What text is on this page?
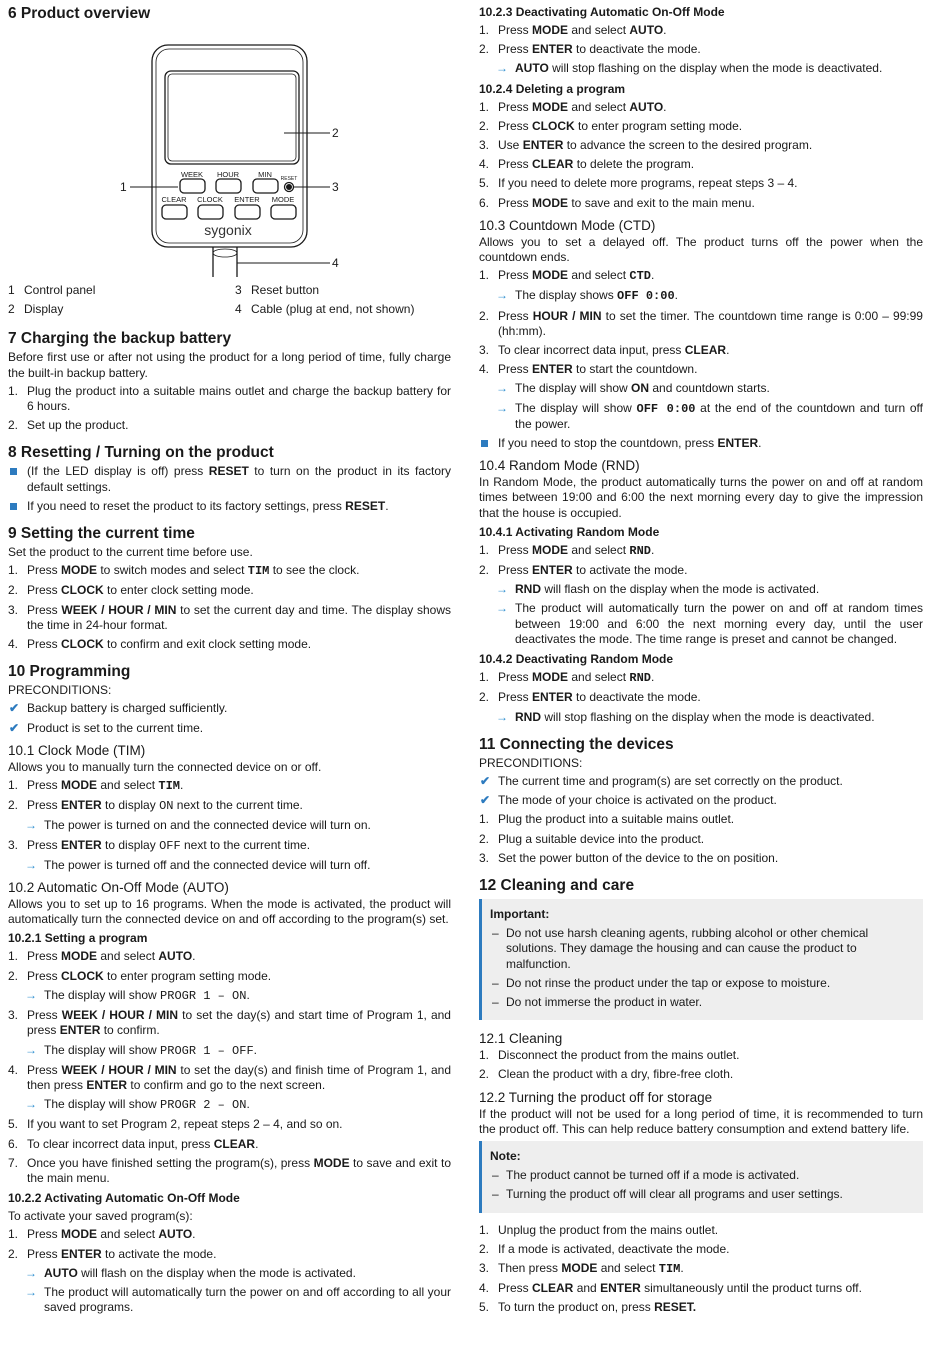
6 Product overview
WEEK HOUR	MIN RESET
CLEAR CLOCK ENTER MODE
sygonix
1
2
3
4
1 Control panel	3 Reset button
2 Display	4 Cable (plug at end, not shown)
7 Charging the backup battery

Before first use or after not using the product for a long period of time, fully charge the built-in backup battery.

1. Plug the product into a suitable mains outlet and charge the backup battery for 6 hours.
2. Set up the product.
8 Resetting / Turning on the product
(If the LED display is off) press RESET to turn on the product in its factory default settings.
If you need to reset the product to its factory settings, press RESET.
9 Setting the current time

Set the product to the current time before use.

1. Press MODE to switch modes and select TIM to see the clock.
2. Press CLOCK to enter clock setting mode.
3. Press WEEK / HOUR / MIN to set the current day and time. The display shows the time in 24-hour format.
4. Press CLOCK to confirm and exit clock setting mode.
10 Programming
PRECONDITIONS:
✔ Backup battery is charged sufficiently.
✔ Product is set to the current time.
10.1 Clock Mode (TIM)

Allows you to manually turn the connected device on or off.

1. Press MODE and select TIM.
2. Press ENTER to display ON next to the current time.
→ The power is turned on and the connected device will turn on.
3. Press ENTER to display OFF next to the current time.
→ The power is turned off and the connected device will turn off.
10.2 Automatic On-Off Mode (AUTO)

Allows you to set up to 16 programs. When the mode is activated, the product will automatically turn the connected device on and off according to the program(s) set.

10.2.1 Setting a program
1. Press MODE and select AUTO.
2. Press CLOCK to enter program setting mode.
→ The display will show PROGR 1 – ON.
3. Press WEEK / HOUR / MIN to set the day(s) and start time of Program 1, and press ENTER to confirm.
→ The display will show PROGR 1 – OFF.
4. Press WEEK / HOUR / MIN to set the day(s) and finish time of Program 1, and then press ENTER to confirm and go to the next screen.
→ The display will show PROGR 2 – ON.
5. If you want to set Program 2, repeat steps 2 – 4, and so on.
6. To clear incorrect data input, press CLEAR.
7. Once you have finished setting the program(s), press MODE to save and exit to the main menu.
10.2.2 Activating Automatic On-Off Mode

To activate your saved program(s):

1. Press MODE and select AUTO.
2. Press ENTER to activate the mode.
→ AUTO will flash on the display when the mode is activated.
→ The product will automatically turn the power on and off according to all your saved programs.
10.2.3 Deactivating Automatic On-Off Mode
1. Press MODE and select AUTO.
2. Press ENTER to deactivate the mode.
→ AUTO will stop flashing on the display when the mode is deactivated.
10.2.4 Deleting a program
1. Press MODE and select AUTO.
2. Press CLOCK to enter program setting mode.
3. Use ENTER to advance the screen to the desired program.
4. Press CLEAR to delete the program.
5. If you need to delete more programs, repeat steps 3 – 4.
6. Press MODE to save and exit to the main menu.
10.3 Countdown Mode (CTD)

Allows you to set a delayed off. The product turns off the power when the countdown ends.

1. Press MODE and select CTD.
→ The display shows OFF 0:00.
2. Press HOUR / MIN to set the timer. The countdown time range is 0:00 – 99:99 (hh:mm).
3. To clear incorrect data input, press CLEAR.
4. Press ENTER to start the countdown.
→ The display will show ON and countdown starts.
→ The display will show OFF 0:00 at the end of the countdown and turn off the power.
If you need to stop the countdown, press ENTER.
10.4 Random Mode (RND)

In Random Mode, the product automatically turns the power on and off at random times between 19:00 and 6:00 the next morning every day to give the impression that the house is occupied.

10.4.1 Activating Random Mode
1. Press MODE and select RND.
2. Press ENTER to activate the mode.
→ RND will flash on the display when the mode is activated.
→ The product will automatically turn the power on and off at random times between 19:00 and 6:00 the next morning every day, until the user deactivates the mode. The time range is preset and cannot be changed.
10.4.2 Deactivating Random Mode
1. Press MODE and select RND.
2. Press ENTER to deactivate the mode.
→ RND will stop flashing on the display when the mode is deactivated.
11 Connecting the devices
PRECONDITIONS:
✔ The current time and program(s) are set correctly on the product.
✔ The mode of your choice is activated on the product.
1. Plug the product into a suitable mains outlet.
2. Plug a suitable device into the product.
3. Set the power button of the device to the on position.
12 Cleaning and care
Important:
– Do not use harsh cleaning agents, rubbing alcohol or other chemical solutions. They damage the housing and can cause the product to malfunction.
– Do not rinse the product under the tap or expose to moisture.
– Do not immerse the product in water.
12.1 Cleaning
1. Disconnect the product from the mains outlet.
2. Clean the product with a dry, fibre-free cloth.
12.2 Turning the product off for storage

If the product will not be used for a long period of time, it is recommended to turn the product off. This can help reduce battery consumption and extend battery life.

Note:
– The product cannot be turned off if a mode is activated.
– Turning the product off will clear all programs and user settings.
1. Unplug the product from the mains outlet.
2. If a mode is activated, deactivate the mode.
3. Then press MODE and select TIM.
4. Press CLEAR and ENTER simultaneously until the product turns off.
5. To turn the product on, press RESET.
